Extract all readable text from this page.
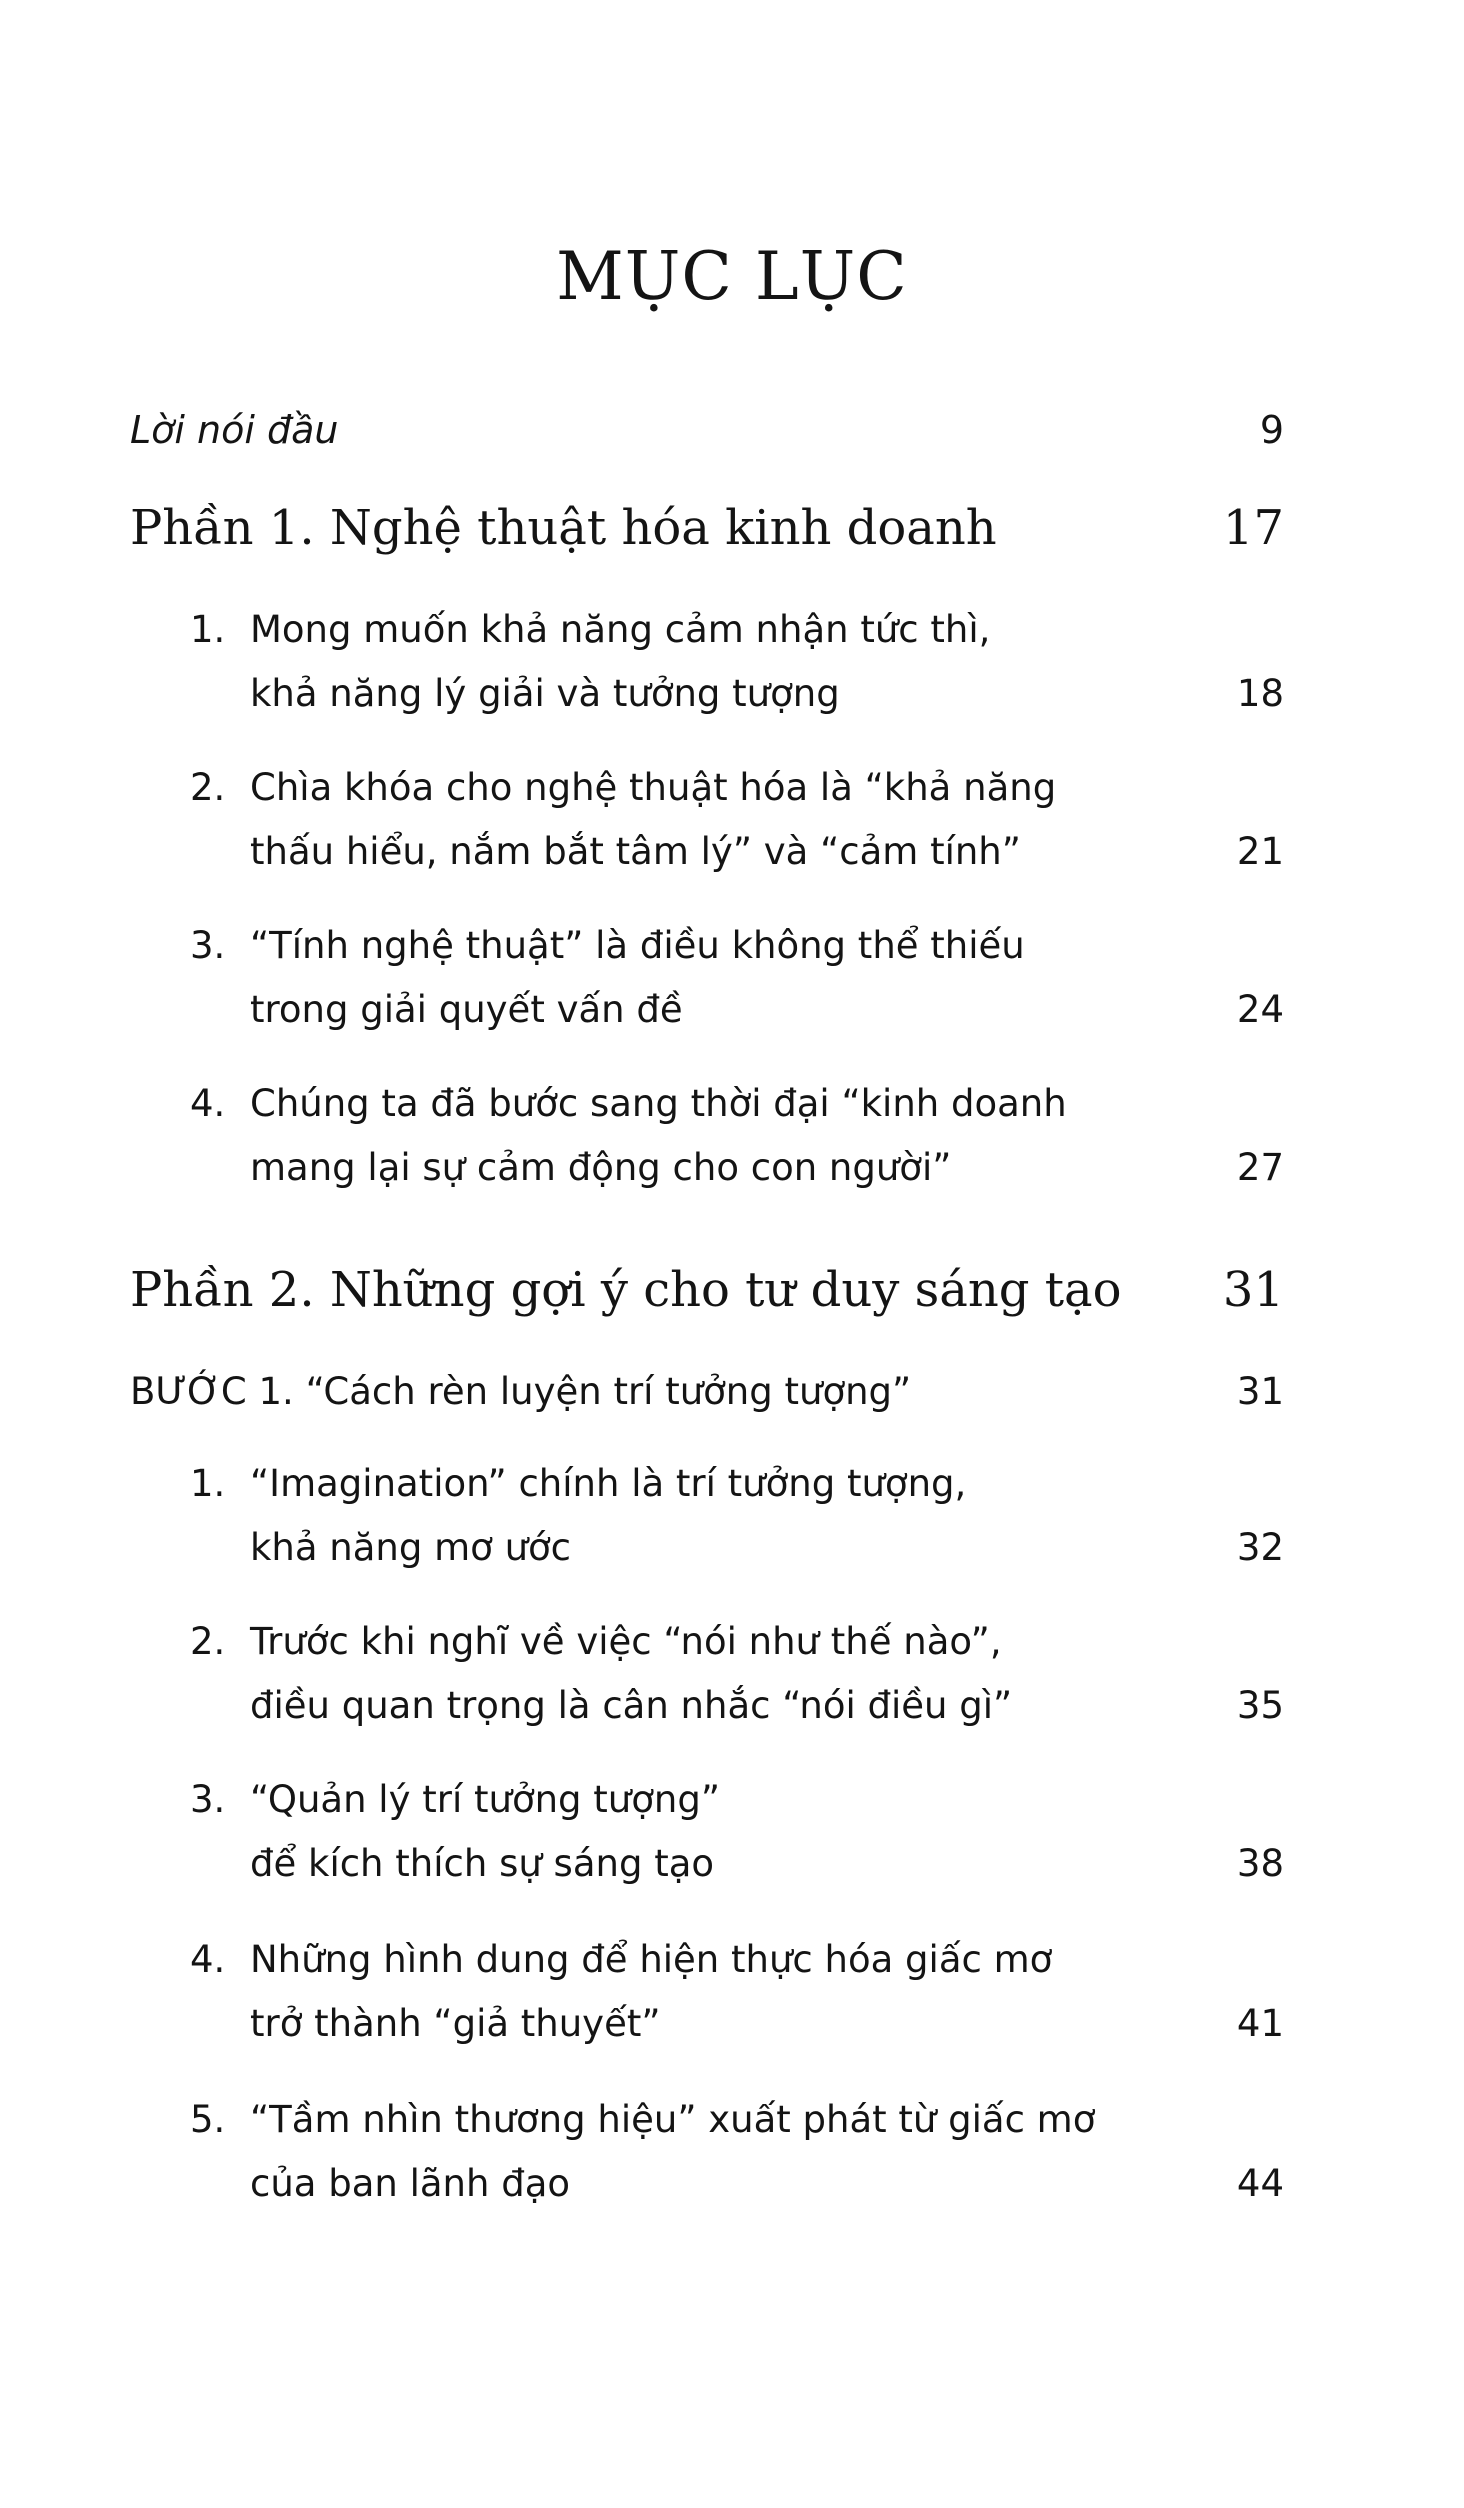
MỤC LỤC
Lời nói đầu	9
Phần 1. Nghệ thuật hóa kinh doanh	17
1. Mong muốn khả năng cảm nhận tức thì,
khả năng lý giải và tưởng tượng	18
2. Chìa khóa cho nghệ thuật hóa là “khả năng
thấu hiểu, nắm bắt tâm lý” và “cảm tính”	21
3. “Tính nghệ thuật” là điều không thể thiếu
trong giải quyết vấn đề	24
4. Chúng ta đã bước sang thời đại “kinh doanh
mang lại sự cảm động cho con người”	27
Phần 2. Những gợi ý cho tư duy sáng tạo 31
BƯỚC 1. “Cách rèn luyện trí tưởng tượng”	31
1. “Imagination” chính là trí tưởng tượng,
khả năng mơ ước	32
2. Trước khi nghĩ về việc “nói như thế nào”,
điều quan trọng là cân nhắc “nói điều gì”	35
3. “Quản lý trí tưởng tượng”
để kích thích sự sáng tạo	38
4. Những hình dung để hiện thực hóa giấc mơ
trở thành “giả thuyết”	41
5. “Tầm nhìn thương hiệu” xuất phát từ giấc mơ
của ban lãnh đạo	44
